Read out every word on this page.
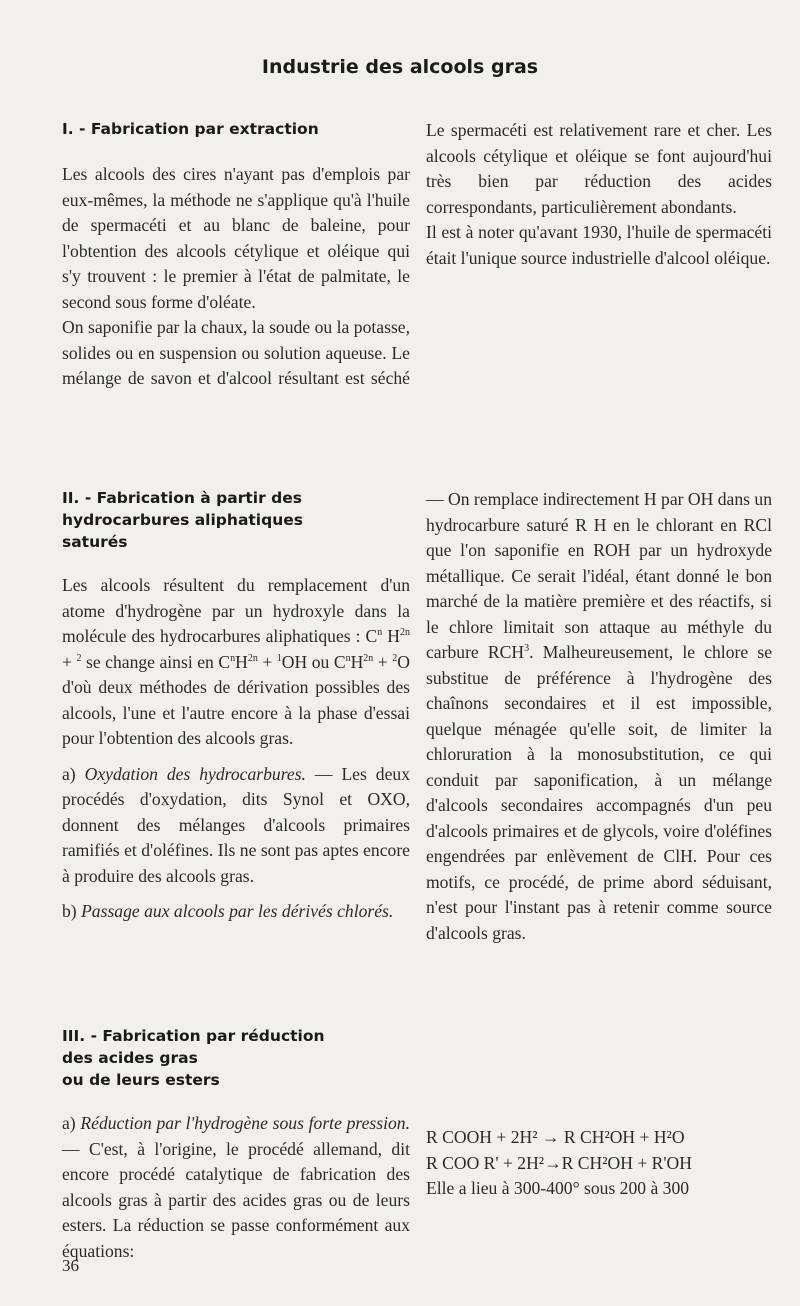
Industrie des alcools gras
I. - Fabrication par extraction

Les alcools des cires n'ayant pas d'emplois par eux-mêmes, la méthode ne s'applique qu'à l'huile de spermacéti et au blanc de baleine, pour l'obtention des alcools cétylique et oléique qui s'y trouvent : le premier à l'état de palmitate, le second sous forme d'oléate.

On saponifie par la chaux, la soude ou la potasse, solides ou en suspension ou solution aqueuse. Le mélange de savon et d'alcool résultant est séché

Le spermacéti est relativement rare et cher. Les alcools cétylique et oléique se font aujourd'hui très bien par réduction des acides correspondants, particulièrement abondants.

Il est à noter qu'avant 1930, l'huile de spermacéti était l'unique source industrielle d'alcool oléique.

II. - Fabrication à partir des
hydrocarbures aliphatiques
saturés

Les alcools résultent du remplacement d'un atome d'hydrogène par un hydroxyle dans la molécule des hydrocarbures aliphatiques : $C^n$ $H^{2n} + ^2$ se change ainsi en $C^nH^{2n} + ^1OH$ ou $C^nH^{2n} + ^2O$ d'où deux méthodes de dérivation possibles des alcools, l'une et l'autre encore à la phase d'essai pour l'obtention des alcools gras.

a) Oxydation des hydrocarbures. — Les deux procédés d'oxydation, dits Synol et OXO, donnent des mélanges d'alcools primaires ramifiés et d'oléfines. Ils ne sont pas aptes encore à produire des alcools gras.

b) Passage aux alcools par les dérivés chlorés.

— On remplace indirectement H par OH dans un hydrocarbure saturé R H en le chlorant en RCl que l'on saponifie en ROH par un hydroxyde métallique. Ce serait l'idéal, étant donné le bon marché de la matière première et des réactifs, si le chlore limitait son attaque au méthyle du carbure RCH$^3$. Malheureusement, le chlore se substitue de préférence à l'hydrogène des chaînons secondaires et il est impossible, quelque ménagée qu'elle soit, de limiter la chloruration à la monosubstitution, ce qui conduit par saponification, à un mélange d'alcools secondaires accompagnés d'un peu d'alcools primaires et de glycols, voire d'oléfines engendrées par enlèvement de ClH. Pour ces motifs, ce procédé, de prime abord séduisant, n'est pour l'instant pas à retenir comme source d'alcools gras.

III. - Fabrication par réduction
des acides gras
ou de leurs esters

a) Réduction par l'hydrogène sous forte pression. — C'est, à l'origine, le procédé allemand, dit encore procédé catalytique de fabrication des alcools gras à partir des acides gras ou de leurs esters. La réduction se passe conformément aux équations:

R COOH + 2H² → R CH²OH + H²O

R COO R' + 2H²→R CH²OH + R'OH

Elle a lieu à 300-400° sous 200 à 300

36
